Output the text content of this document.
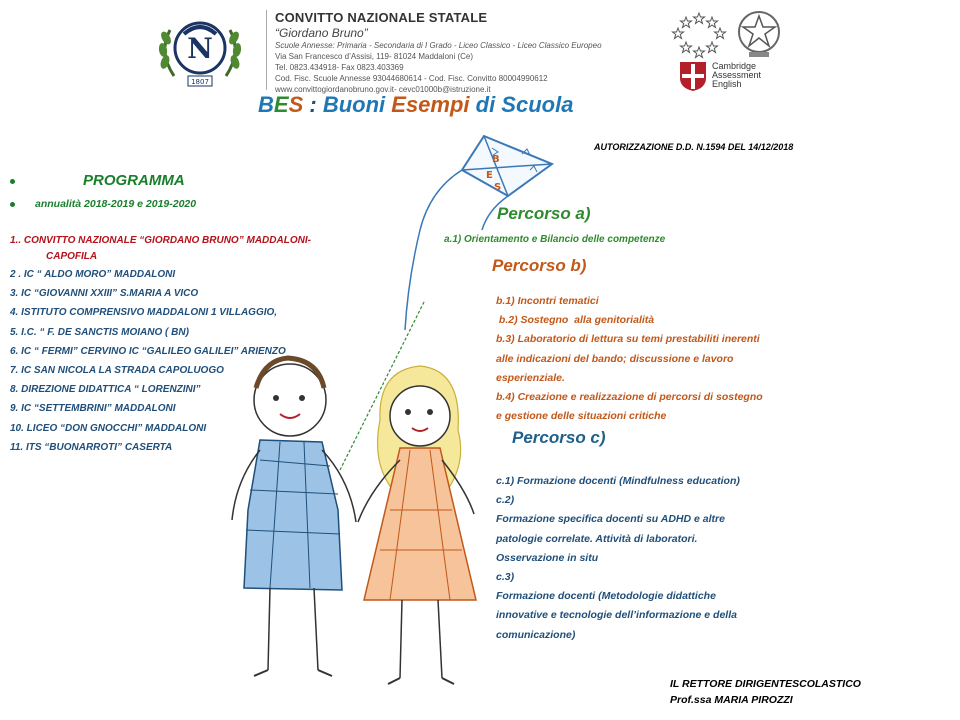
N
1807
CONVITTO NAZIONALE STATALE
“Giordano Bruno”
Scuole Annesse: Primaria - Secondaria di I Grado - Liceo Classico - Liceo Classico Europeo
Via San Francesco d’Assisi, 119- 81024 Maddaloni (Ce)
Tel. 0823.434918- Fax 0823.403369
Cod. Fisc. Scuole Annesse 93044680614 - Cod. Fisc. Convitto 80004990612
www.convittogiordanobruno.gov.it- cevc01000b@istruzione.it
Cambridge
Assessment
English
BES : Buoni Esempi di Scuola
AUTORIZZAZIONE D.D. N.1594 DEL 14/12/2018
B
E
S
PROGRAMMA
annualità 2018-2019 e 2019-2020
1.. CONVITTO NAZIONALE “GIORDANO BRUNO” MADDALONI-
CAPOFILA
2 . IC “ ALDO MORO” MADDALONI
3. IC “GIOVANNI XXIII” S.MARIA A VICO
4. ISTITUTO COMPRENSIVO MADDALONI 1 VILLAGGIO,
5. I.C. “ F. DE SANCTIS MOIANO ( BN)
6. IC “ FERMI” CERVINO IC “GALILEO GALILEI” ARIENZO
7. IC SAN NICOLA LA STRADA CAPOLUOGO
8. DIREZIONE DIDATTICA “ LORENZINI”
9. IC “SETTEMBRINI” MADDALONI
10. LICEO “DON GNOCCHI” MADDALONI
11. ITS “BUONARROTI” CASERTA
Percorso a)
a.1) Orientamento e Bilancio delle competenze
Percorso b)
b.1) Incontri tematici
b.2) Sostegno  alla genitorialità
b.3) Laboratorio di lettura su temi prestabiliti inerenti
alle indicazioni del bando; discussione e lavoro
esperienziale.
b.4) Creazione e realizzazione di percorsi di sostegno
e gestione delle situazioni critiche
Percorso c)
c.1) Formazione docenti (Mindfulness education)
c.2)
Formazione specifica docenti su ADHD e altre
patologie correlate. Attività di laboratori.
Osservazione in situ
c.3)
Formazione docenti (Metodologie didattiche
innovative e tecnologie dell’informazione e della
comunicazione)
IL RETTORE DIRIGENTESCOLASTICO
Prof.ssa MARIA PIROZZI
